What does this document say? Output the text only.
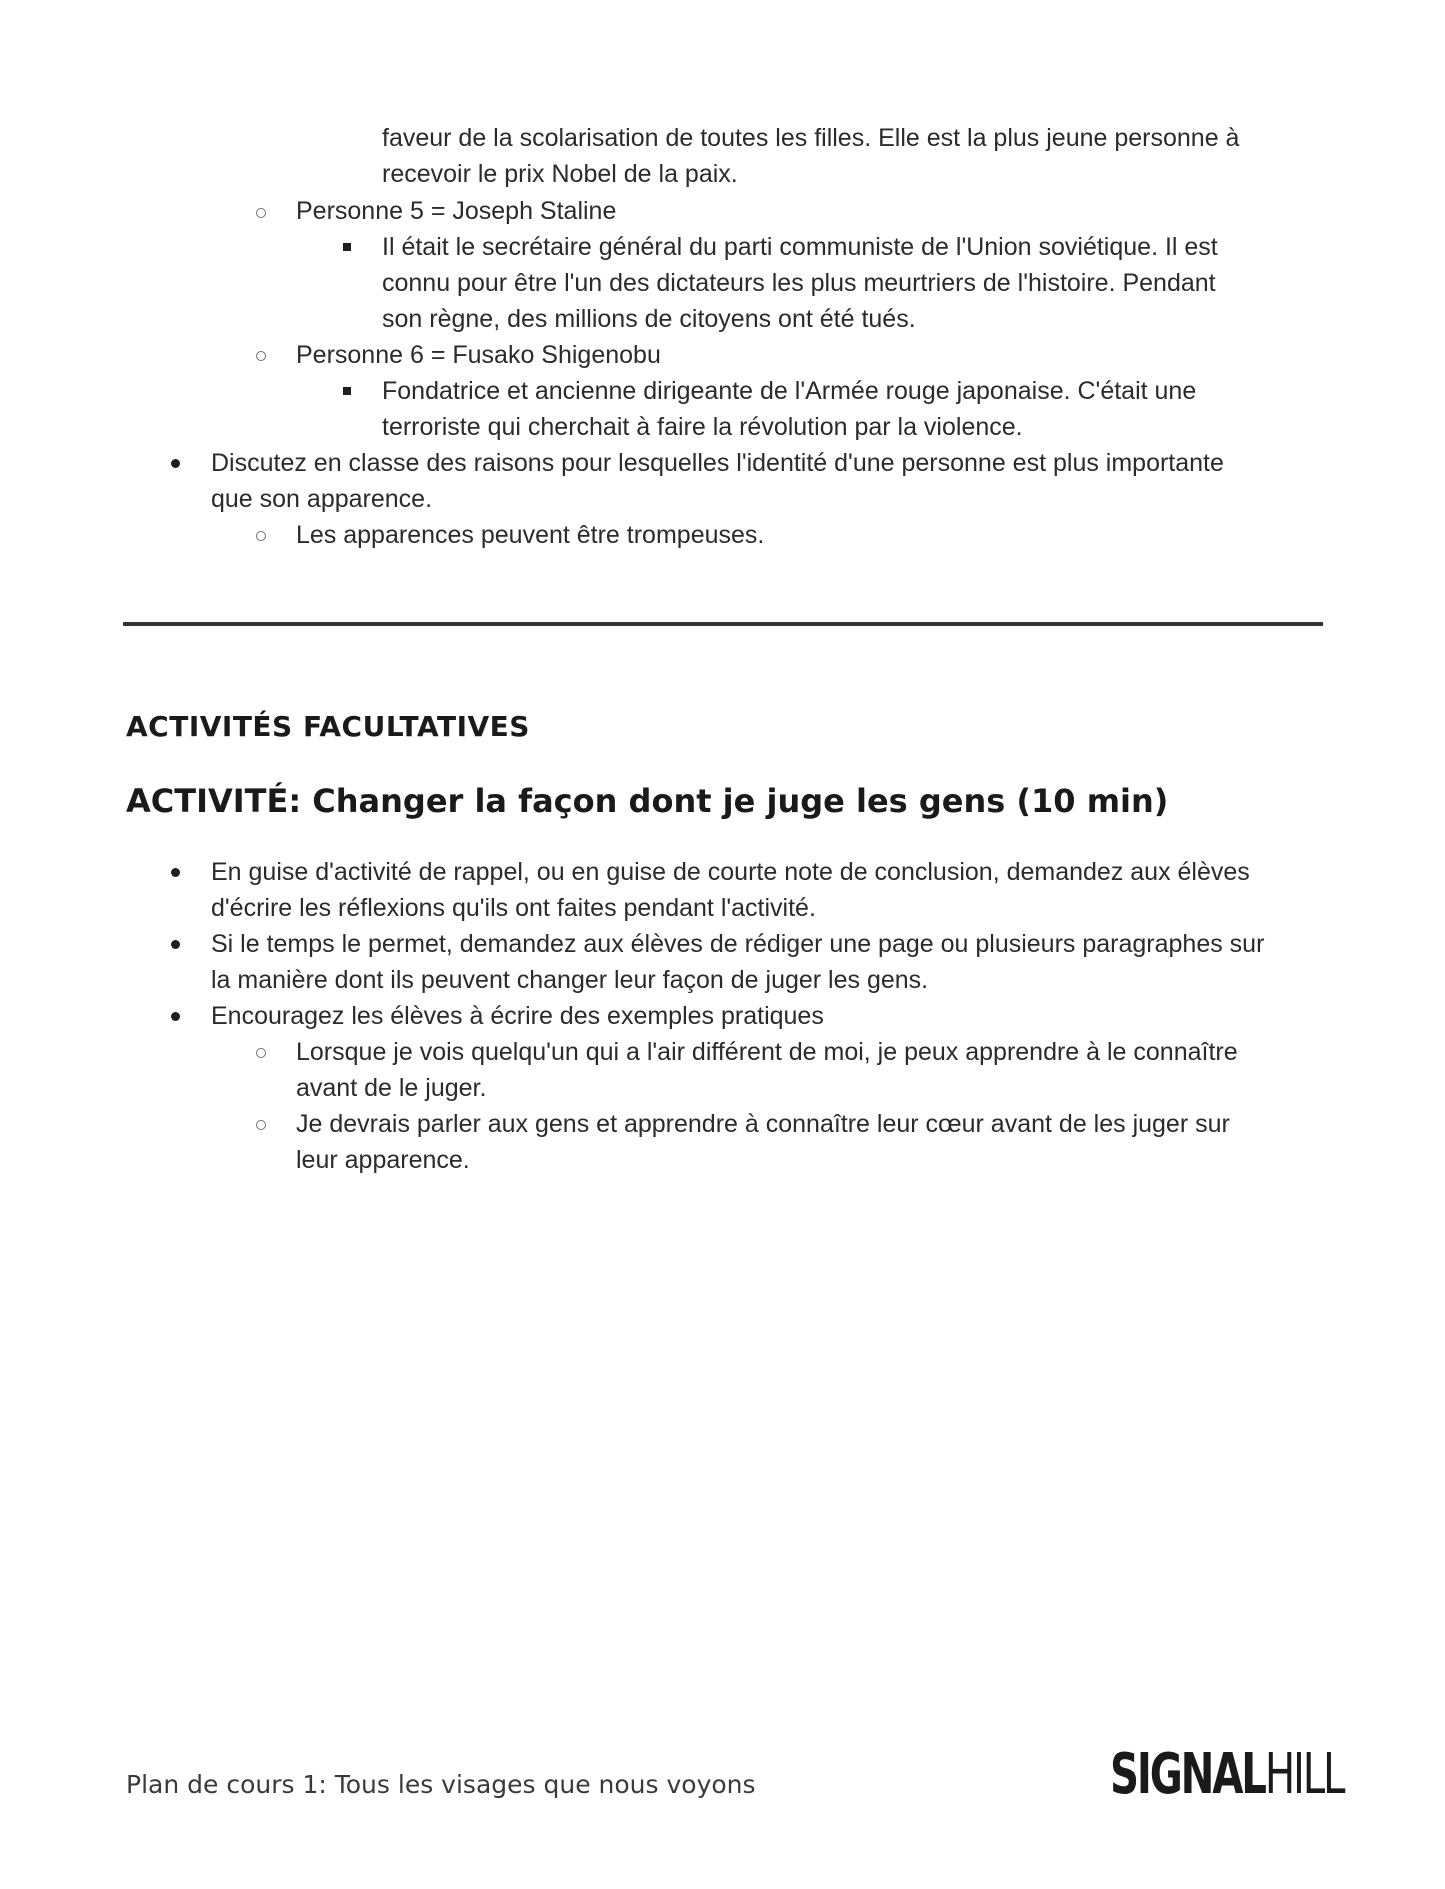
faveur de la scolarisation de toutes les filles. Elle est la plus jeune personne à
recevoir le prix Nobel de la paix.
Personne 5 = Joseph Staline
Il était le secrétaire général du parti communiste de l'Union soviétique. Il est
connu pour être l'un des dictateurs les plus meurtriers de l'histoire. Pendant
son règne, des millions de citoyens ont été tués.
Personne 6 = Fusako Shigenobu
Fondatrice et ancienne dirigeante de l'Armée rouge japonaise. C'était une
terroriste qui cherchait à faire la révolution par la violence.
Discutez en classe des raisons pour lesquelles l'identité d'une personne est plus importante
que son apparence.
Les apparences peuvent être trompeuses.
ACTIVITÉS FACULTATIVES
ACTIVITÉ: Changer la façon dont je juge les gens (10 min)
En guise d'activité de rappel, ou en guise de courte note de conclusion, demandez aux élèves
d'écrire les réflexions qu'ils ont faites pendant l'activité.
Si le temps le permet, demandez aux élèves de rédiger une page ou plusieurs paragraphes sur
la manière dont ils peuvent changer leur façon de juger les gens.
Encouragez les élèves à écrire des exemples pratiques
Lorsque je vois quelqu'un qui a l'air différent de moi, je peux apprendre à le connaître
avant de le juger.
Je devrais parler aux gens et apprendre à connaître leur cœur avant de les juger sur
leur apparence.
Plan de cours 1: Tous les visages que nous voyons	SIGNALHILL
